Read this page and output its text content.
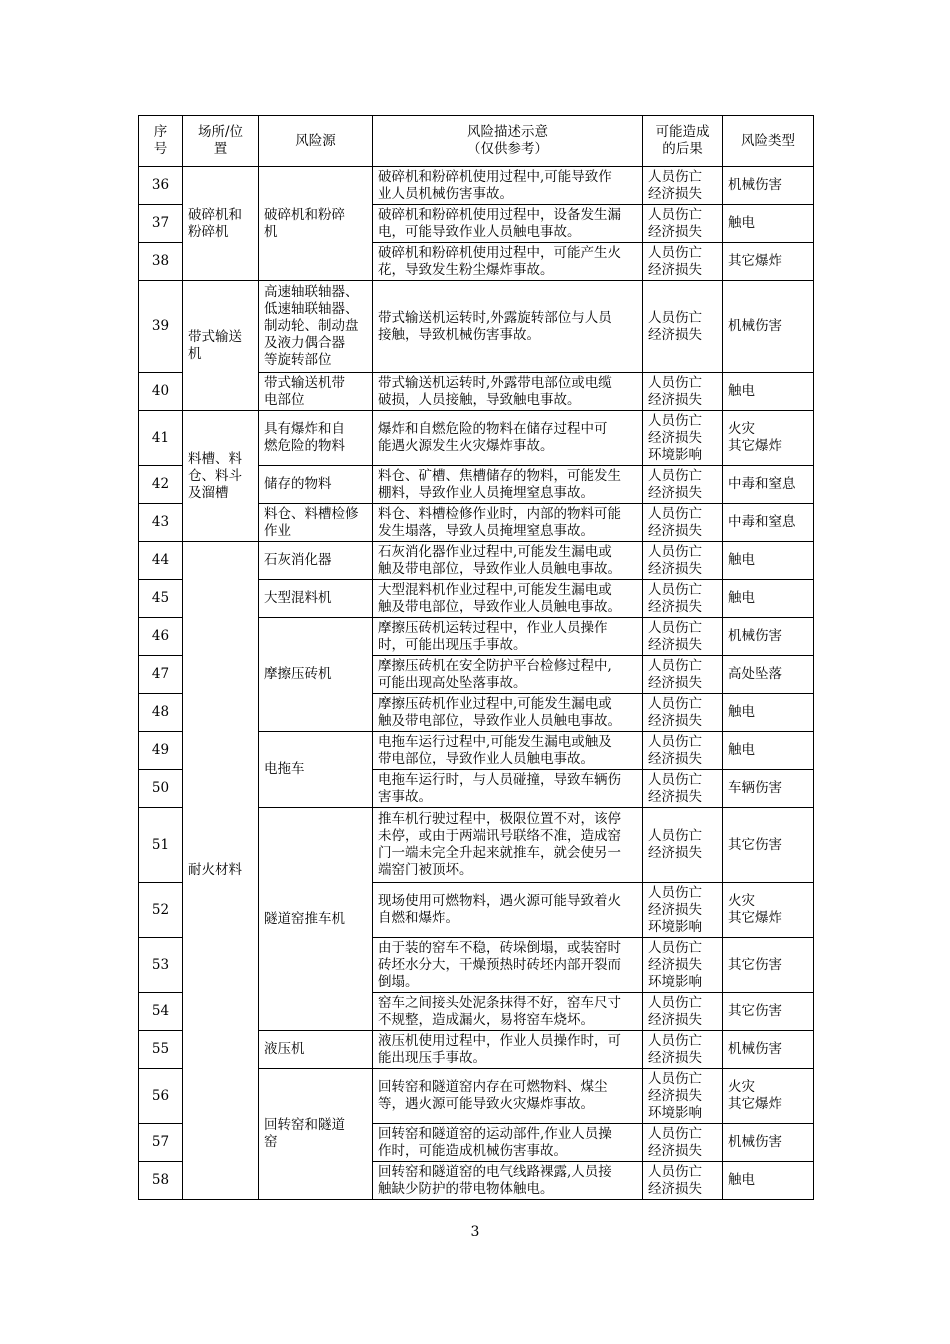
序
号	场所/位
置	风险源	风险描述示意
（仅供参考）	可能造成
的后果	风险类型
36	破碎机和
粉碎机	破碎机和粉碎
机	破碎机和粉碎机使用过程中,可能导致作
业人员机械伤害事故。	人员伤亡
经济损失	机械伤害
37			破碎机和粉碎机使用过程中，设备发生漏
电，可能导致作业人员触电事故。	人员伤亡
经济损失	触电
38			破碎机和粉碎机使用过程中，可能产生火
花，导致发生粉尘爆炸事故。	人员伤亡
经济损失	其它爆炸
39	带式输送
机	高速轴联轴器、
低速轴联轴器、
制动轮、制动盘
及液力偶合器
等旋转部位	带式输送机运转时,外露旋转部位与人员
接触，导致机械伤害事故。	人员伤亡
经济损失	机械伤害
40		带式输送机带
电部位	带式输送机运转时,外露带电部位或电缆
破损，人员接触，导致触电事故。	人员伤亡
经济损失	触电
41	料槽、料
仓、料斗
及溜槽	具有爆炸和自
燃危险的物料	爆炸和自燃危险的物料在储存过程中可
能遇火源发生火灾爆炸事故。	人员伤亡
经济损失
环境影响	火灾
其它爆炸
42		储存的物料	料仓、矿槽、焦槽储存的物料，可能发生
棚料，导致作业人员掩埋窒息事故。	人员伤亡
经济损失	中毒和窒息
43		料仓、料槽检修
作业	料仓、料槽检修作业时，内部的物料可能
发生塌落，导致人员掩埋窒息事故。	人员伤亡
经济损失	中毒和窒息
44	耐火材料	石灰消化器	石灰消化器作业过程中,可能发生漏电或
触及带电部位，导致作业人员触电事故。	人员伤亡
经济损失	触电
45		大型混料机	大型混料机作业过程中,可能发生漏电或
触及带电部位，导致作业人员触电事故。	人员伤亡
经济损失	触电
46		摩擦压砖机	摩擦压砖机运转过程中，作业人员操作
时，可能出现压手事故。	人员伤亡
经济损失	机械伤害
47			摩擦压砖机在安全防护平台检修过程中,
可能出现高处坠落事故。	人员伤亡
经济损失	高处坠落
48			摩擦压砖机作业过程中,可能发生漏电或
触及带电部位，导致作业人员触电事故。	人员伤亡
经济损失	触电
49		电拖车	电拖车运行过程中,可能发生漏电或触及
带电部位，导致作业人员触电事故。	人员伤亡
经济损失	触电
50			电拖车运行时，与人员碰撞，导致车辆伤
害事故。	人员伤亡
经济损失	车辆伤害
51		隧道窑推车机	推车机行驶过程中，极限位置不对，该停
未停，或由于两端讯号联络不准，造成窑
门一端未完全升起来就推车，就会使另一
端窑门被顶坏。	人员伤亡
经济损失	其它伤害
52			现场使用可燃物料，遇火源可能导致着火
自燃和爆炸。	人员伤亡
经济损失
环境影响	火灾
其它爆炸
53			由于装的窑车不稳，砖垛倒塌，或装窑时
砖坯水分大，干燥预热时砖坯内部开裂而
倒塌。	人员伤亡
经济损失
环境影响	其它伤害
54			窑车之间接头处泥条抹得不好，窑车尺寸
不规整，造成漏火，易将窑车烧坏。	人员伤亡
经济损失	其它伤害
55		液压机	液压机使用过程中，作业人员操作时，可
能出现压手事故。	人员伤亡
经济损失	机械伤害
56		回转窑和隧道
窑	回转窑和隧道窑内存在可燃物料、煤尘
等，遇火源可能导致火灾爆炸事故。	人员伤亡
经济损失
环境影响	火灾
其它爆炸
57			回转窑和隧道窑的运动部件,作业人员操
作时，可能造成机械伤害事故。	人员伤亡
经济损失	机械伤害
58			回转窑和隧道窑的电气线路裸露,人员接
触缺少防护的带电物体触电。	人员伤亡
经济损失	触电
3
